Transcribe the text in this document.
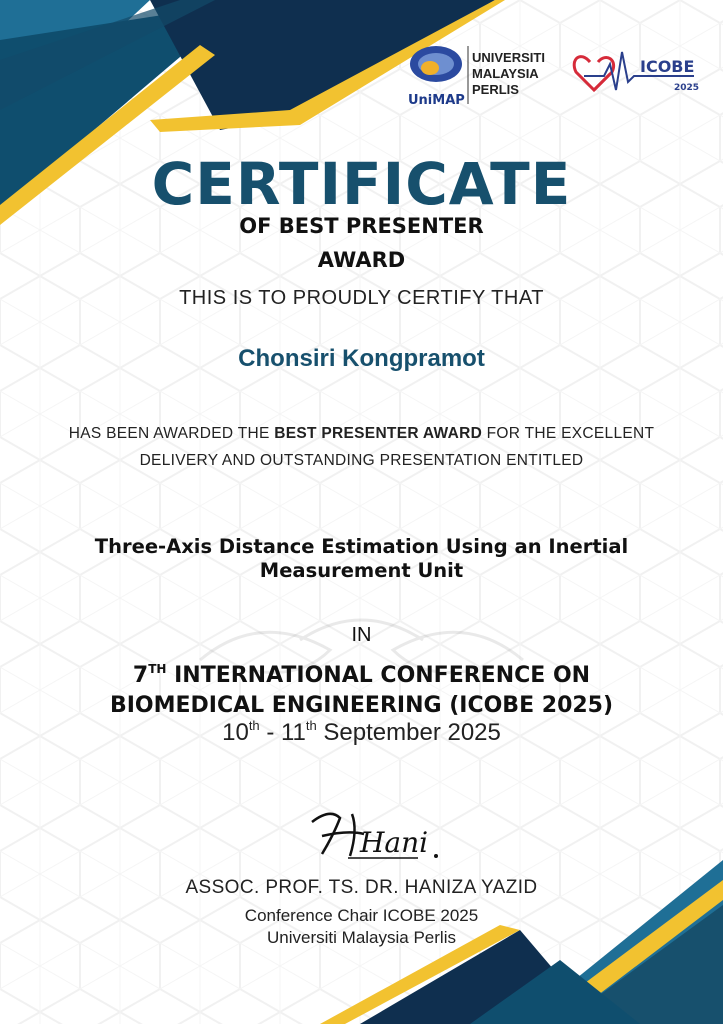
UniMAP
UNIVERSITI
MALAYSIA
PERLIS
ICOBE
2025
CERTIFICATE
OF BEST PRESENTER
AWARD
THIS IS TO PROUDLY CERTIFY THAT
Chonsiri Kongpramot
HAS BEEN AWARDED THE BEST PRESENTER AWARD FOR THE EXCELLENT DELIVERY AND OUTSTANDING PRESENTATION ENTITLED
Three-Axis Distance Estimation Using an Inertial Measurement Unit
IN
7TH INTERNATIONAL CONFERENCE ON
BIOMEDICAL ENGINEERING (ICOBE 2025)
10th - 11th September 2025
Hani
ASSOC. PROF. TS. DR. HANIZA YAZID
Conference Chair ICOBE 2025
Universiti Malaysia Perlis
